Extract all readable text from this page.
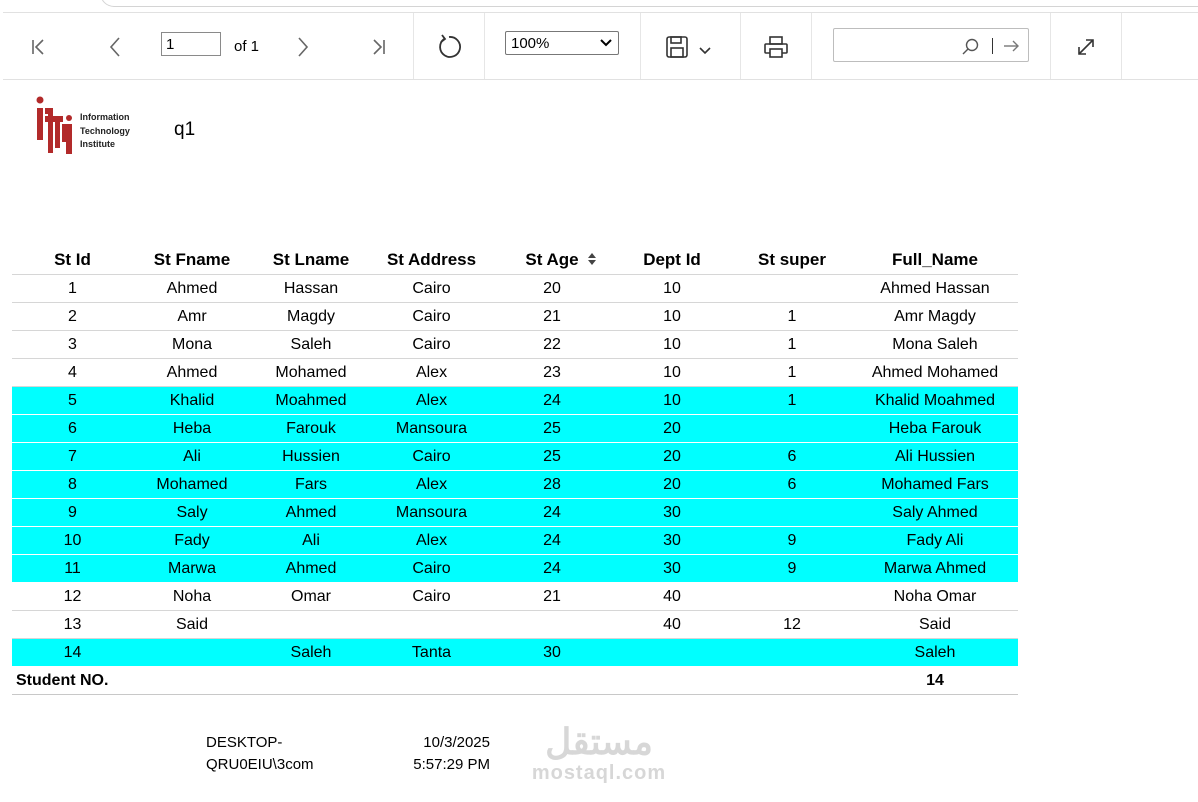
1
of 1	100%
Information
Technology
Institute
q1
St Id	St Fname	St Lname	St Address	St Age	Dept Id	St super	Full_Name
1	Ahmed	Hassan	Cairo	20	10		Ahmed Hassan
2	Amr	Magdy	Cairo	21	10	1	Amr Magdy
3	Mona	Saleh	Cairo	22	10	1	Mona Saleh
4	Ahmed	Mohamed	Alex	23	10	1	Ahmed Mohamed
5	Khalid	Moahmed	Alex	24	10	1	Khalid Moahmed
6	Heba	Farouk	Mansoura	25	20		Heba Farouk
7	Ali	Hussien	Cairo	25	20	6	Ali Hussien
8	Mohamed	Fars	Alex	28	20	6	Mohamed Fars
9	Saly	Ahmed	Mansoura	24	30		Saly Ahmed
10	Fady	Ali	Alex	24	30	9	Fady Ali
11	Marwa	Ahmed	Cairo	24	30	9	Marwa Ahmed
12	Noha	Omar	Cairo	21	40		Noha Omar
13	Said				40	12	Said
14		Saleh	Tanta	30			Saleh
Student NO.							14
DESKTOP-
QRU0EIU\3com
10/3/2025
5:57:29 PM
مستقل
mostaql.com
